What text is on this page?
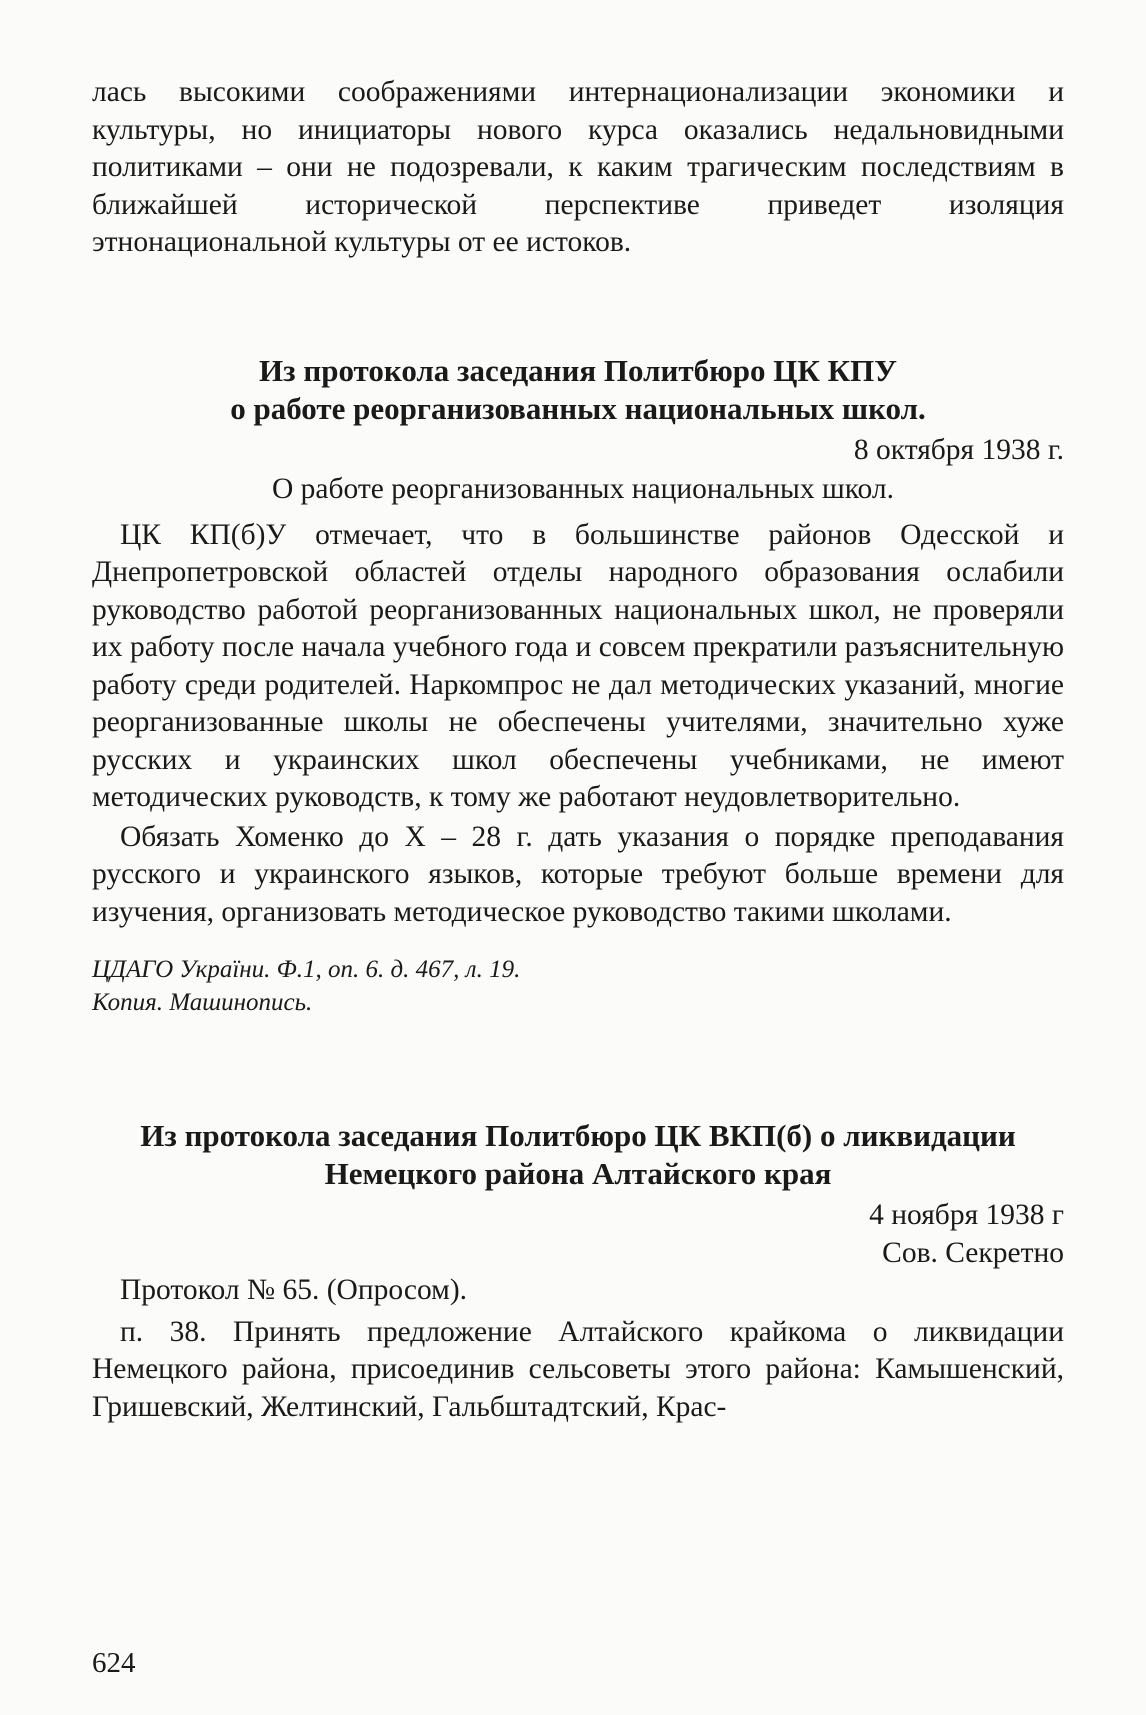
лась высокими соображениями интернационализации экономики и культуры, но инициаторы нового курса оказались недальновидными политиками – они не подозревали, к каким трагическим последствиям в ближайшей исторической перспективе приведет изоляция этнонациональной культуры от ее истоков.

Из протокола заседания Политбюро ЦК КПУ

о работе реорганизованных национальных школ.

8 октября 1938 г.

О работе реорганизованных национальных школ.

ЦК КП(б)У отмечает, что в большинстве районов Одесской и Днепропетровской областей отделы народного образования ослабили руководство работой реорганизованных национальных школ, не проверяли их работу после начала учебного года и совсем прекратили разъяснительную работу среди родителей. Наркомпрос не дал методических указаний, многие реорганизованные школы не обеспечены учителями, значительно хуже русских и украинских школ обеспечены учебниками, не имеют методических руководств, к тому же работают неудовлетворительно.

Обязать Хоменко до X – 28 г. дать указания о порядке преподавания русского и украинского языков, которые требуют больше времени для изучения, организовать методическое руководство такими школами.

ЦДАГО України. Ф.1, оп. 6. д. 467, л. 19.

Копия. Машинопись.

Из протокола заседания Политбюро ЦК ВКП(б) о ликвидации

Немецкого района Алтайского края

4 ноября 1938 г

Сов. Секретно

Протокол № 65. (Опросом).

п. 38. Принять предложение Алтайского крайкома о ликвидации Немецкого района, присоединив сельсоветы этого района: Камышенский, Гришевский, Желтинский, Гальбштадтский, Крас-

624
